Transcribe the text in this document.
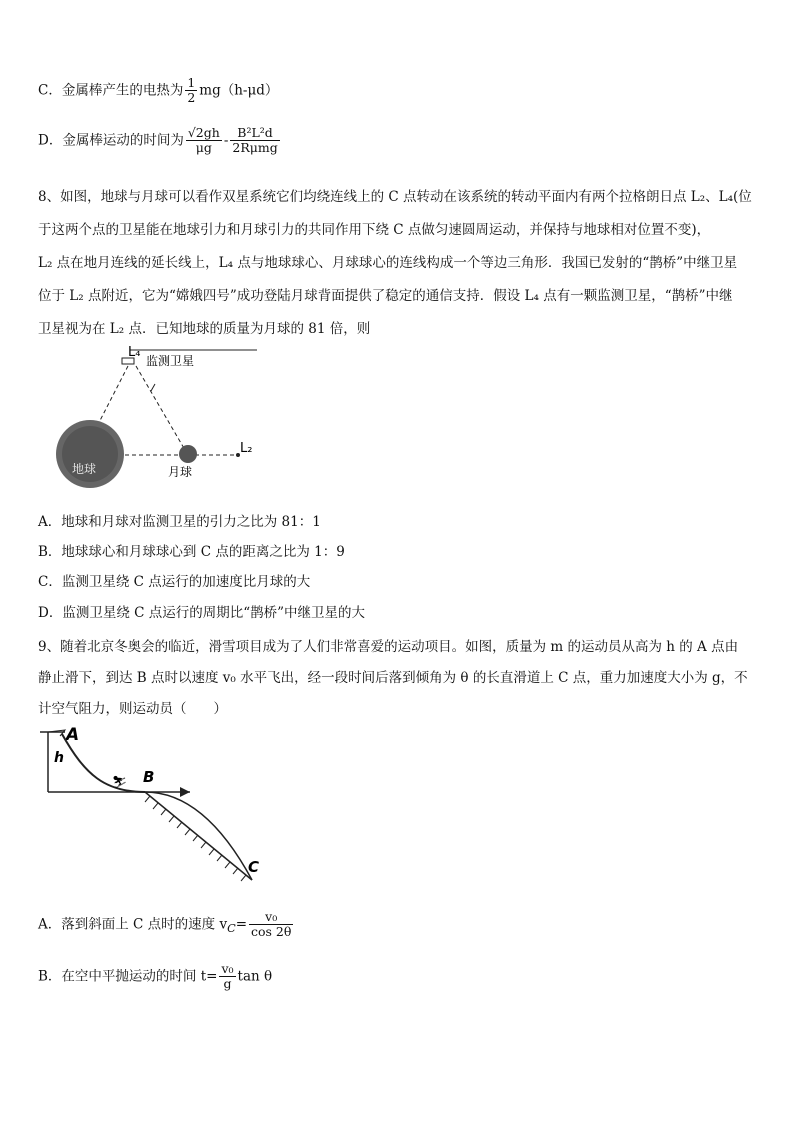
C．金属棒产生的电热为 $\frac{1}{2} mg(h-\mu d)$
D．金属棒运动的时间为 $\frac{√2gh}{\mu g} - \frac{\text{B²L²d}}{\text{2Rμmg}}$
8、如图，地球与月球可以看作双星系统它们均绕连线上的 C 点转动在该系统的转动平面内有两个拉格朗日点 L₂、L₄(位
于这两个点的卫星能在地球引力和月球引力的共同作用下绕 C 点做匀速圆周运动，并保持与地球相对位置不变)，
L₂ 点在地月连线的延长线上，L₄ 点与地球球心、月球球心的连线构成一个等边三角形．我国已发射的“鹊桥”中继卫星
位于 L₂ 点附近，它为“嫦娥四号”成功登陆月球背面提供了稳定的通信支持．假设 L₄ 点有一颗监测卫星，“鹊桥”中继
卫星视为在 L₂ 点．已知地球的质量为月球的 81 倍，则
L₄
监测卫星
地球	月球
L₂
A．地球和月球对监测卫星的引力之比为 81：1
B．地球球心和月球球心到 C 点的距离之比为 1：9
C．监测卫星绕 C 点运行的加速度比月球的大
D．监测卫星绕 C 点运行的周期比“鹊桥”中继卫星的大
9、随着北京冬奥会的临近，滑雪项目成为了人们非常喜爱的运动项目。如图，质量为 m 的运动员从高为 h 的 A 点由
静止滑下，到达 B 点时以速度 v₀ 水平飞出，经一段时间后落到倾角为 θ 的长直滑道上 C 点，重力加速度大小为 g，不
计空气阻力，则运动员（　　）
h
A
B
⛷
C
A．落到斜面上 C 点时的速度 $v_C= \frac{\text{v₀}}{\cos 2\theta}$
B．在空中平抛运动的时间 $t= \frac{\text{v₀}}{g}$ tan θ
